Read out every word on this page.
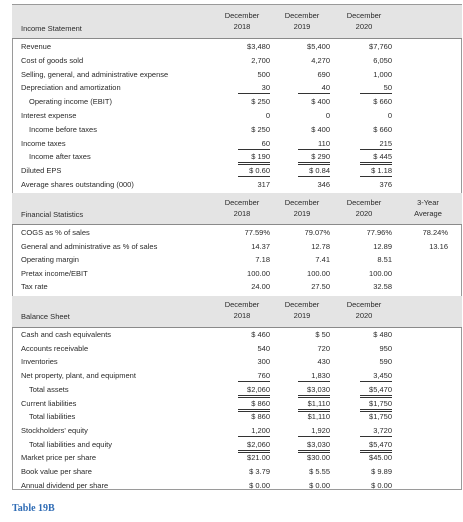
December	December	December
Income Statement	2018	2019	2020
Revenue	$3,480	$5,400	$7,760
Cost of goods sold	2,700	4,270	6,050
Selling, general, and administrative expense	500	690	1,000
Depreciation and amortization	30	40	50
Operating income (EBIT)	$ 250	$ 400	$ 660
Interest expense	0	0	0
Income before taxes	$ 250	$ 400	$ 660
Income taxes	60	110	215
Income after taxes	$ 190	$ 290	$ 445
Diluted EPS	$ 0.60	$ 0.84	$ 1.18
Average shares outstanding (000)	317	346	376
December	December	December	3-Year
Financial Statistics	2018	2019	2020	Average
COGS as % of sales	77.59%	79.07%	77.96%	78.24%
General and administrative as % of sales	14.37	12.78	12.89	13.16
Operating margin	7.18	7.41	8.51
Pretax income/EBIT	100.00	100.00	100.00
Tax rate	24.00	27.50	32.58
December	December	December
Balance Sheet	2018	2019	2020
Cash and cash equivalents	$ 460	$ 50	$ 480
Accounts receivable	540	720	950
Inventories	300	430	590
Net property, plant, and equipment	760	1,830	3,450
Total assets	$2,060	$3,030	$5,470
Current liabilities	$ 860	$1,110	$1,750
Total liabilities	$ 860	$1,110	$1,750
Stockholders' equity	1,200	1,920	3,720
Total liabilities and equity	$2,060	$3,030	$5,470
Market price per share	$21.00	$30.00	$45.00
Book value per share	$ 3.79	$ 5.55	$ 9.89
Annual dividend per share	$ 0.00	$ 0.00	$ 0.00
Table 19B
